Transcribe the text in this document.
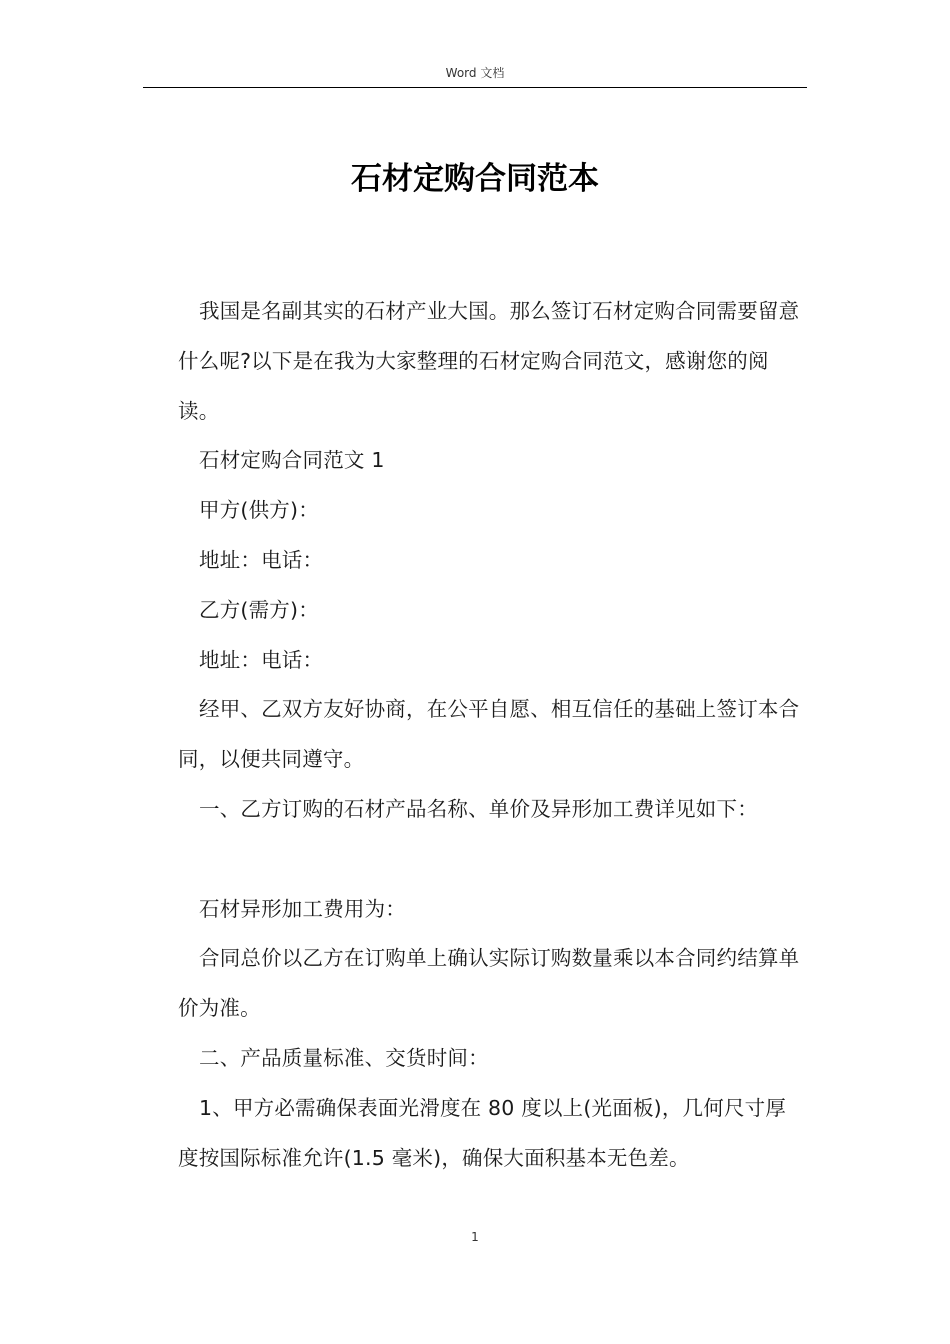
Word 文档
石材定购合同范本

我国是名副其实的石材产业大国。那么签订石材定购合同需要留意什么呢?以下是在我为大家整理的石材定购合同范文，感谢您的阅读。

石材定购合同范文 1

甲方(供方)：

地址：电话：

乙方(需方)：

地址：电话：

经甲、乙双方友好协商，在公平自愿、相互信任的基础上签订本合同，以便共同遵守。

一、乙方订购的石材产品名称、单价及异形加工费详见如下：

石材异形加工费用为：

合同总价以乙方在订购单上确认实际订购数量乘以本合同约结算单价为准。

二、产品质量标准、交货时间：

1、甲方必需确保表面光滑度在 80 度以上(光面板)，几何尺寸厚度按国际标准允许(1.5 毫米)，确保大面积基本无色差。

1
